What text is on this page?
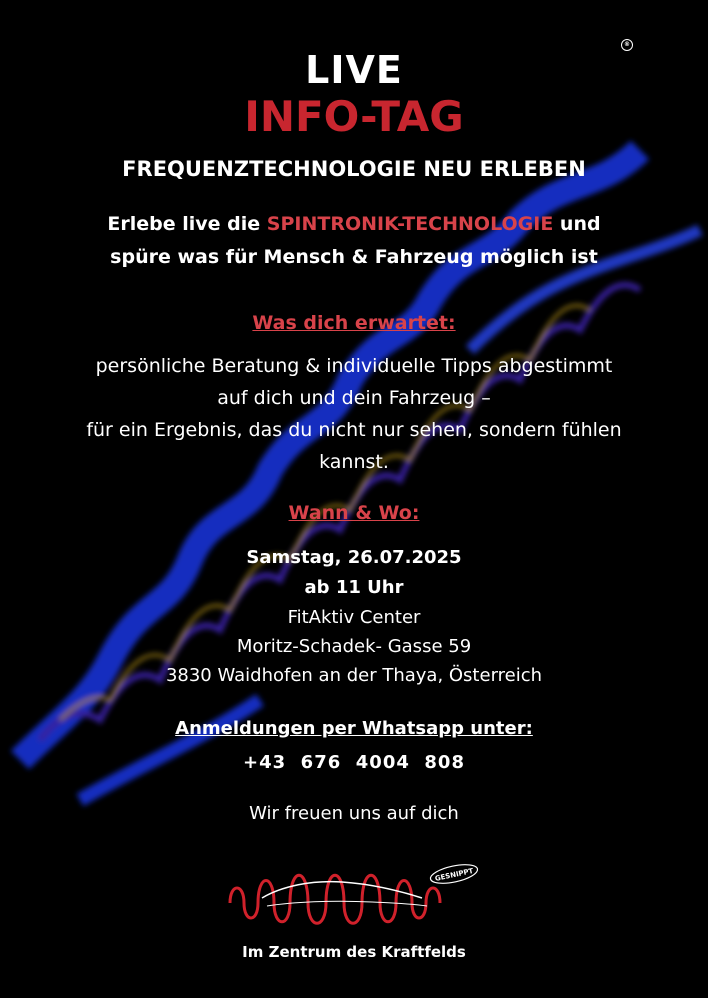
®
LIVE
INFO-TAG
FREQUENZTECHNOLOGIE NEU ERLEBEN
Erlebe live die SPINTRONIK-TECHNOLOGIE und
spüre was für Mensch & Fahrzeug möglich ist
Was dich erwartet:
persönliche Beratung & individuelle Tipps abgestimmt
auf dich und dein Fahrzeug –
für ein Ergebnis, das du nicht nur sehen, sondern fühlen
kannst.
Wann & Wo:
Samstag, 26.07.2025
ab 11 Uhr
FitAktiv Center
Moritz-Schadek- Gasse 59
3830 Waidhofen an der Thaya, Österreich
Anmeldungen per Whatsapp unter:
+43  676  4004  808
Wir freuen uns auf dich
GESNIPPT
Im Zentrum des Kraftfelds
